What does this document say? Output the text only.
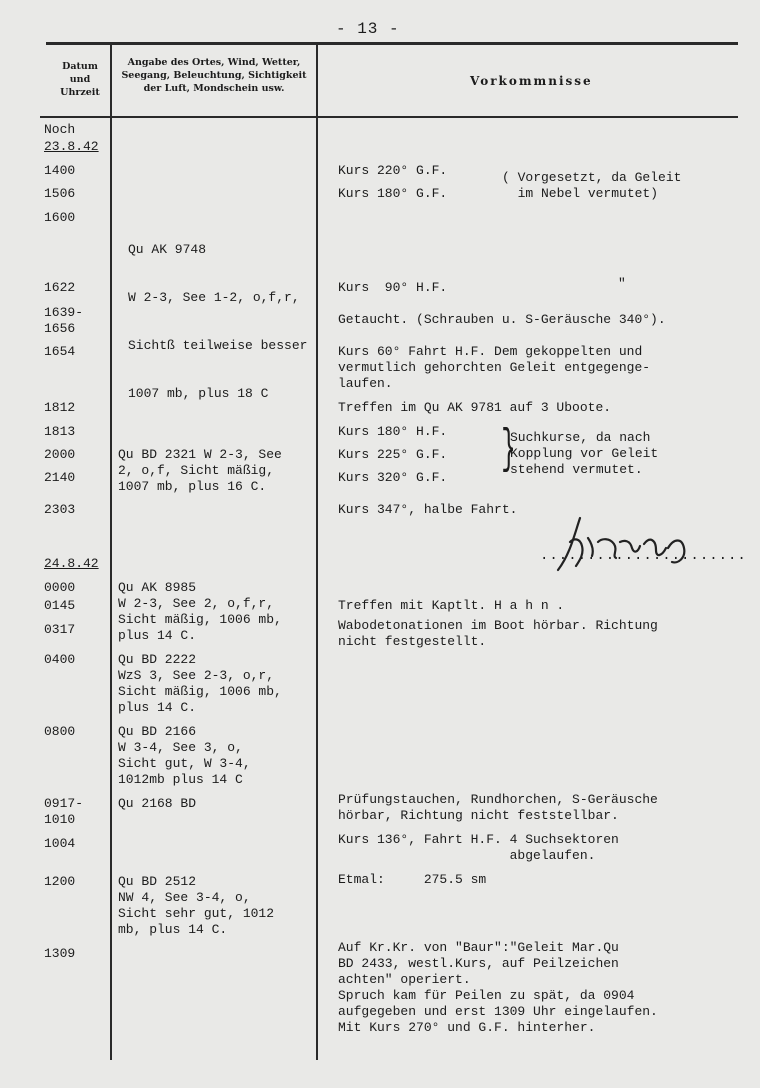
- 13 -
Datum
und
Uhrzeit
Angabe des Ortes, Wind, Wetter,
Seegang, Beleuchtung, Sichtigkeit
der Luft, Mondschein usw.
Vorkommnisse
Noch
23.8.42
24.8.42
1400
1506
1600
1622
1639-
1656
1654
1812
1813
2000
2140
2303
0000
0145
0317
0400
0800
0917-
1010
1004
1200
1309

Qu AK 9748

W 2-3, See 1-2, o,f,r,

Sichtß teilweise besser

1007 mb, plus 18 C

Qu BD 2321 W 2-3, See
2, o,f, Sicht mäßig,
1007 mb, plus 16 C.
Qu AK 8985
W 2-3, See 2, o,f,r,
Sicht mäßig, 1006 mb,
plus 14 C.
Qu BD 2222
WzS 3, See 2-3, o,r,
Sicht mäßig, 1006 mb,
plus 14 C.
Qu BD 2166
W 3-4, See 3, o,
Sicht gut, W 3-4,
1012mb plus 14 C
Qu 2168 BD
Qu BD 2512
NW 4, See 3-4, o,
Sicht sehr gut, 1012
mb, plus 14 C.
Kurs 220° G.F.
Kurs 180° G.F.
( Vorgesetzt, da Geleit
im Nebel vermutet)
Kurs  90° H.F.	"
Getaucht. (Schrauben u. S-Geräusche 340°).
Kurs 60° Fahrt H.F. Dem gekoppelten und
vermutlich gehorchten Geleit entgegenge-
laufen.
Treffen im Qu AK 9781 auf 3 Uboote.
Kurs 180° H.F.
Kurs 225° G.F.
Kurs 320° G.F.
}
Suchkurse, da nach
Kopplung vor Geleit
stehend vermutet.
Kurs 347°, halbe Fahrt.
......................
Treffen mit Kaptlt. H a h n .
Wabodetonationen im Boot hörbar. Richtung
nicht festgestellt.
Prüfungstauchen, Rundhorchen, S-Geräusche
hörbar, Richtung nicht feststellbar.
Kurs 136°, Fahrt H.F. 4 Suchsektoren
abgelaufen.
Etmal:     275.5 sm
Auf Kr.Kr. von "Baur":"Geleit Mar.Qu
BD 2433, westl.Kurs, auf Peilzeichen
achten" operiert.
Spruch kam für Peilen zu spät, da 0904
aufgegeben und erst 1309 Uhr eingelaufen.
Mit Kurs 270° und G.F. hinterher.
